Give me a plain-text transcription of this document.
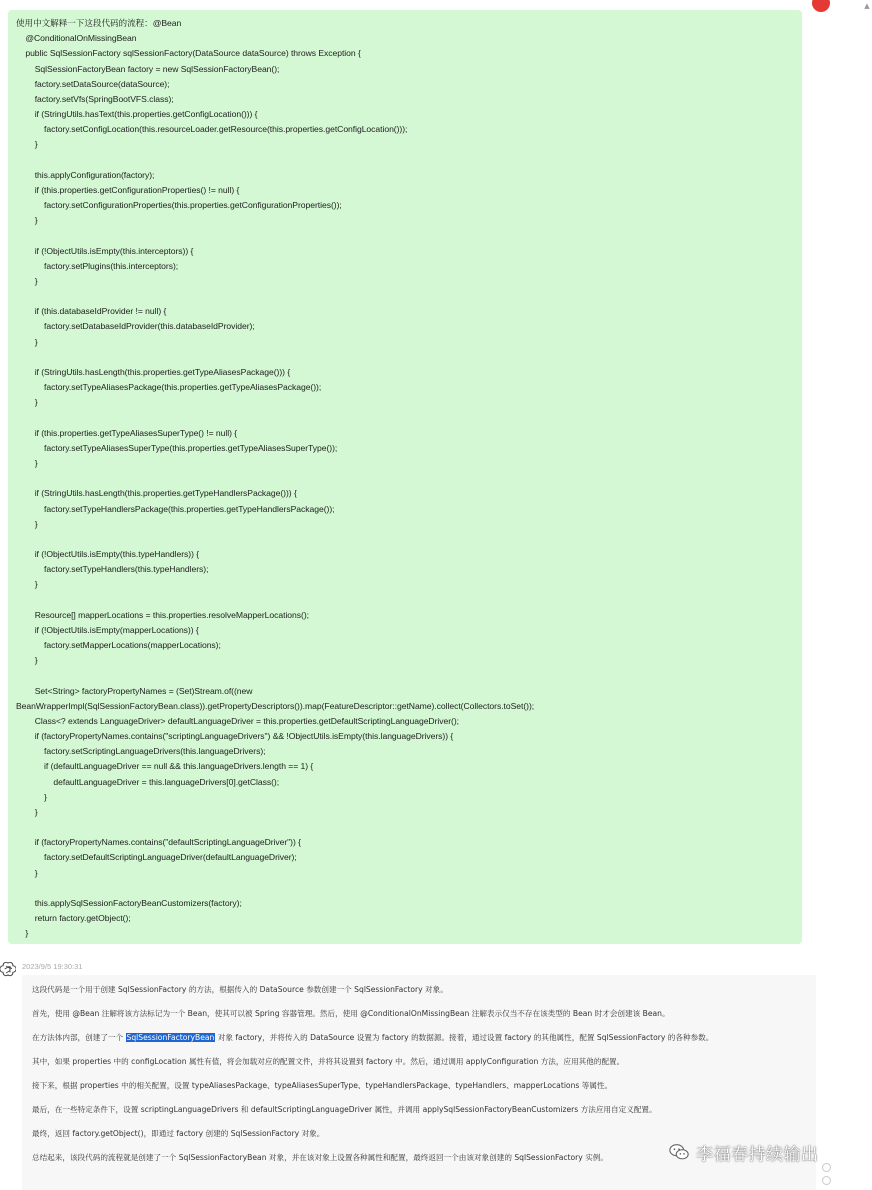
▲
使用中文解释一下这段代码的流程：@Bean
@ConditionalOnMissingBean
public SqlSessionFactory sqlSessionFactory(DataSource dataSource) throws Exception {
SqlSessionFactoryBean factory = new SqlSessionFactoryBean();
factory.setDataSource(dataSource);
factory.setVfs(SpringBootVFS.class);
if (StringUtils.hasText(this.properties.getConfigLocation())) {
factory.setConfigLocation(this.resourceLoader.getResource(this.properties.getConfigLocation()));
}
this.applyConfiguration(factory);
if (this.properties.getConfigurationProperties() != null) {
factory.setConfigurationProperties(this.properties.getConfigurationProperties());
}
if (!ObjectUtils.isEmpty(this.interceptors)) {
factory.setPlugins(this.interceptors);
}
if (this.databaseIdProvider != null) {
factory.setDatabaseIdProvider(this.databaseIdProvider);
}
if (StringUtils.hasLength(this.properties.getTypeAliasesPackage())) {
factory.setTypeAliasesPackage(this.properties.getTypeAliasesPackage());
}
if (this.properties.getTypeAliasesSuperType() != null) {
factory.setTypeAliasesSuperType(this.properties.getTypeAliasesSuperType());
}
if (StringUtils.hasLength(this.properties.getTypeHandlersPackage())) {
factory.setTypeHandlersPackage(this.properties.getTypeHandlersPackage());
}
if (!ObjectUtils.isEmpty(this.typeHandlers)) {
factory.setTypeHandlers(this.typeHandlers);
}
Resource[] mapperLocations = this.properties.resolveMapperLocations();
if (!ObjectUtils.isEmpty(mapperLocations)) {
factory.setMapperLocations(mapperLocations);
}
Set<String> factoryPropertyNames = (Set)Stream.of((new
BeanWrapperImpl(SqlSessionFactoryBean.class)).getPropertyDescriptors()).map(FeatureDescriptor::getName).collect(Collectors.toSet());
Class<? extends LanguageDriver> defaultLanguageDriver = this.properties.getDefaultScriptingLanguageDriver();
if (factoryPropertyNames.contains("scriptingLanguageDrivers") && !ObjectUtils.isEmpty(this.languageDrivers)) {
factory.setScriptingLanguageDrivers(this.languageDrivers);
if (defaultLanguageDriver == null && this.languageDrivers.length == 1) {
defaultLanguageDriver = this.languageDrivers[0].getClass();
}
}
if (factoryPropertyNames.contains("defaultScriptingLanguageDriver")) {
factory.setDefaultScriptingLanguageDriver(defaultLanguageDriver);
}
this.applySqlSessionFactoryBeanCustomizers(factory);
return factory.getObject();
}
2023/9/5 19:30:31

这段代码是一个用于创建 SqlSessionFactory 的方法，根据传入的 DataSource 参数创建一个 SqlSessionFactory 对象。

首先，使用 @Bean 注解将该方法标记为一个 Bean，使其可以被 Spring 容器管理。然后，使用 @ConditionalOnMissingBean 注解表示仅当不存在该类型的 Bean 时才会创建该 Bean。

在方法体内部，创建了一个 SqlSessionFactoryBean 对象 factory，并将传入的 DataSource 设置为 factory 的数据源。接着，通过设置 factory 的其他属性，配置 SqlSessionFactory 的各种参数。

其中，如果 properties 中的 configLocation 属性有值，将会加载对应的配置文件，并将其设置到 factory 中。然后，通过调用 applyConfiguration 方法，应用其他的配置。

接下来，根据 properties 中的相关配置，设置 typeAliasesPackage、typeAliasesSuperType、typeHandlersPackage、typeHandlers、mapperLocations 等属性。

最后，在一些特定条件下，设置 scriptingLanguageDrivers 和 defaultScriptingLanguageDriver 属性，并调用 applySqlSessionFactoryBeanCustomizers 方法应用自定义配置。

最终，返回 factory.getObject()，即通过 factory 创建的 SqlSessionFactory 对象。

总结起来，该段代码的流程就是创建了一个 SqlSessionFactoryBean 对象，并在该对象上设置各种属性和配置，最终返回一个由该对象创建的 SqlSessionFactory 实例。	李福春持续输出
